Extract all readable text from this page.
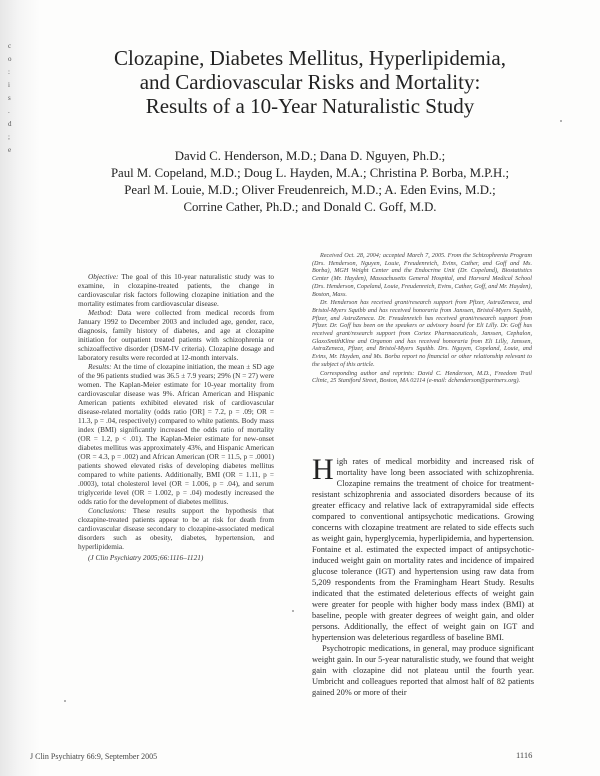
c
o
:
i
s
.
d
;
e
Clozapine, Diabetes Mellitus, Hyperlipidemia,
and Cardiovascular Risks and Mortality:
Results of a 10-Year Naturalistic Study
David C. Henderson, M.D.; Dana D. Nguyen, Ph.D.;
Paul M. Copeland, M.D.; Doug L. Hayden, M.A.; Christina P. Borba, M.P.H.;
Pearl M. Louie, M.D.; Oliver Freudenreich, M.D.; A. Eden Evins, M.D.;
Corrine Cather, Ph.D.; and Donald C. Goff, M.D.

Objective: The goal of this 10-year naturalistic study was to examine, in clozapine-treated patients, the change in cardiovascular risk factors following clozapine initiation and the mortality estimates from cardiovascular disease.

Method: Data were collected from medical records from January 1992 to December 2003 and included age, gender, race, diagnosis, family history of diabetes, and age at clozapine initiation for outpatient treated patients with schizophrenia or schizoaffective disorder (DSM-IV criteria). Clozapine dosage and laboratory results were recorded at 12-month intervals.

Results: At the time of clozapine initiation, the mean ± SD age of the 96 patients studied was 36.5 ± 7.9 years; 29% (N = 27) were women. The Kaplan-Meier estimate for 10-year mortality from cardiovascular disease was 9%. African American and Hispanic American patients exhibited elevated risk of cardiovascular disease-related mortality (odds ratio [OR] = 7.2, p = .09; OR = 11.3, p = .04, respectively) compared to white patients. Body mass index (BMI) significantly increased the odds ratio of mortality (OR = 1.2, p < .01). The Kaplan-Meier estimate for new-onset diabetes mellitus was approximately 43%, and Hispanic American (OR = 4.3, p = .002) and African American (OR = 11.5, p = .0001) patients showed elevated risks of developing diabetes mellitus compared to white patients. Additionally, BMI (OR = 1.11, p = .0003), total cholesterol level (OR = 1.006, p = .04), and serum triglyceride level (OR = 1.002, p = .04) modestly increased the odds ratio for the development of diabetes mellitus.

Conclusions: These results support the hypothesis that clozapine-treated patients appear to be at risk for death from cardiovascular disease secondary to clozapine-associated medical disorders such as obesity, diabetes, hypertension, and hyperlipidemia.

(J Clin Psychiatry 2005;66:1116–1121)

Received Oct. 28, 2004; accepted March 7, 2005. From the Schizophrenia Program (Drs. Henderson, Nguyen, Louie, Freudenreich, Evins, Cather, and Goff and Ms. Borba), MGH Weight Center and the Endocrine Unit (Dr. Copeland), Biostatistics Center (Mr. Hayden), Massachusetts General Hospital, and Harvard Medical School (Drs. Henderson, Copeland, Louie, Freudenreich, Evins, Cather, Goff, and Mr. Hayden), Boston, Mass.

Dr. Henderson has received grant/research support from Pfizer, AstraZeneca, and Bristol-Myers Squibb and has received honoraria from Janssen, Bristol-Myers Squibb, Pfizer, and AstraZeneca. Dr. Freudenreich has received grant/research support from Pfizer. Dr. Goff has been on the speakers or advisory board for Eli Lilly. Dr. Goff has received grant/research support from Cortex Pharmaceuticals, Janssen, Cephalon, GlaxoSmithKline and Organon and has received honoraria from Eli Lilly, Janssen, AstraZeneca, Pfizer, and Bristol-Myers Squibb. Drs. Nguyen, Copeland, Louie, and Evins, Mr. Hayden, and Ms. Borba report no financial or other relationship relevant to the subject of this article.

Corresponding author and reprints: David C. Henderson, M.D., Freedom Trail Clinic, 25 Staniford Street, Boston, MA 02114 (e-mail: dchenderson@partners.org).

High rates of medical morbidity and increased risk of mortality have long been associated with schizophrenia. Clozapine remains the treatment of choice for treatment-resistant schizophrenia and associated disorders because of its greater efficacy and relative lack of extrapyramidal side effects compared to conventional antipsychotic medications. Growing concerns with clozapine treatment are related to side effects such as weight gain, hyperglycemia, hyperlipidemia, and hypertension. Fontaine et al. estimated the expected impact of antipsychotic-induced weight gain on mortality rates and incidence of impaired glucose tolerance (IGT) and hypertension using raw data from 5,209 respondents from the Framingham Heart Study. Results indicated that the estimated deleterious effects of weight gain were greater for people with higher body mass index (BMI) at baseline, people with greater degrees of weight gain, and older persons. Additionally, the effect of weight gain on IGT and hypertension was deleterious regardless of baseline BMI.

Psychotropic medications, in general, may produce significant weight gain. In our 5-year naturalistic study, we found that weight gain with clozapine did not plateau until the fourth year. Umbricht and colleagues reported that almost half of 82 patients gained 20% or more of their

J Clin Psychiatry 66:9, September 2005	1116
